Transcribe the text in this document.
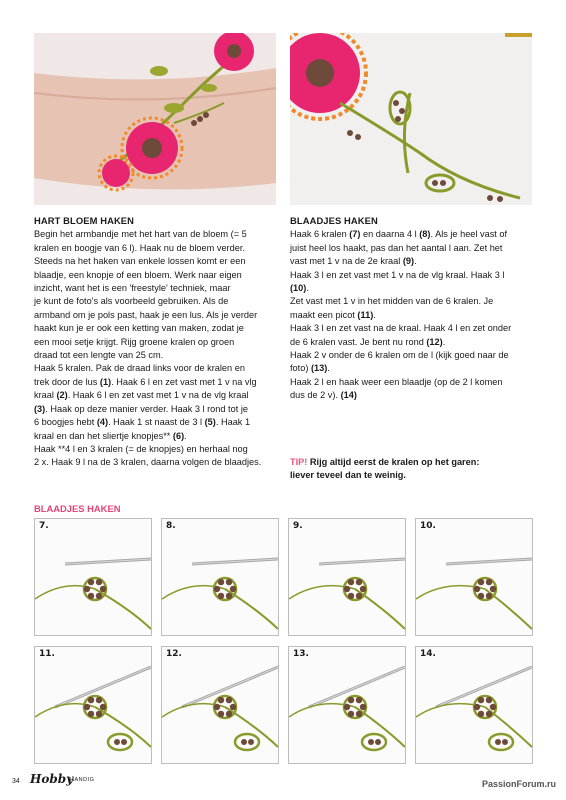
HART BLOEM HAKEN
Begin het armbandje met het hart van de bloem (= 5
kralen en boogje van 6 l). Haak nu de bloem verder.
Steeds na het haken van enkele lossen komt er een
blaadje, een knopje of een bloem. Werk naar eigen
inzicht, want het is een 'freestyle' techniek, maar
je kunt de foto's als voorbeeld gebruiken. Als de
armband om je pols past, haak je een lus. Als je verder
haakt kun je er ook een ketting van maken, zodat je
een mooi setje krijgt. Rijg groene kralen op groen
draad tot een lengte van 25 cm.
Haak 5 kralen. Pak de draad links voor de kralen en
trek door de lus (1). Haak 6 l en zet vast met 1 v na vlg
kraal (2). Haak 6 l en zet vast met 1 v na de vlg kraal
(3). Haak op deze manier verder. Haak 3 l rond tot je
6 boogjes hebt (4). Haak 1 st naast de 3 l (5). Haak 1
kraal en dan het sliertje knopjes** (6).
Haak **4 l en 3 kralen (= de knopjes) en herhaal nog
2 x. Haak 9 l na de 3 kralen, daarna volgen de blaadjes.
BLAADJES HAKEN
Haak 6 kralen (7) en daarna 4 l (8). Als je heel vast of
juist heel los haakt, pas dan het aantal l aan. Zet het
vast met 1 v na de 2e kraal (9).
Haak 3 l en zet vast met 1 v na de vlg kraal. Haak 3 l
(10).
Zet vast met 1 v in het midden van de 6 kralen. Je
maakt een picot (11).
Haak 3 l en zet vast na de kraal. Haak 4 l en zet onder
de 6 kralen vast. Je bent nu rond (12).
Haak 2 v onder de 6 kralen om de l (kijk goed naar de
foto) (13).
Haak 2 l en haak weer een blaadje (op de 2 l komen
dus de 2 v). (14)
TIP! Rijg altijd eerst de kralen op het garen:
liever teveel dan te weinig.
BLAADJES HAKEN
7.	8.	9.	10.
11.	12.	13.	14.
34 Hobby
HANDIG	PassionForum.ru
